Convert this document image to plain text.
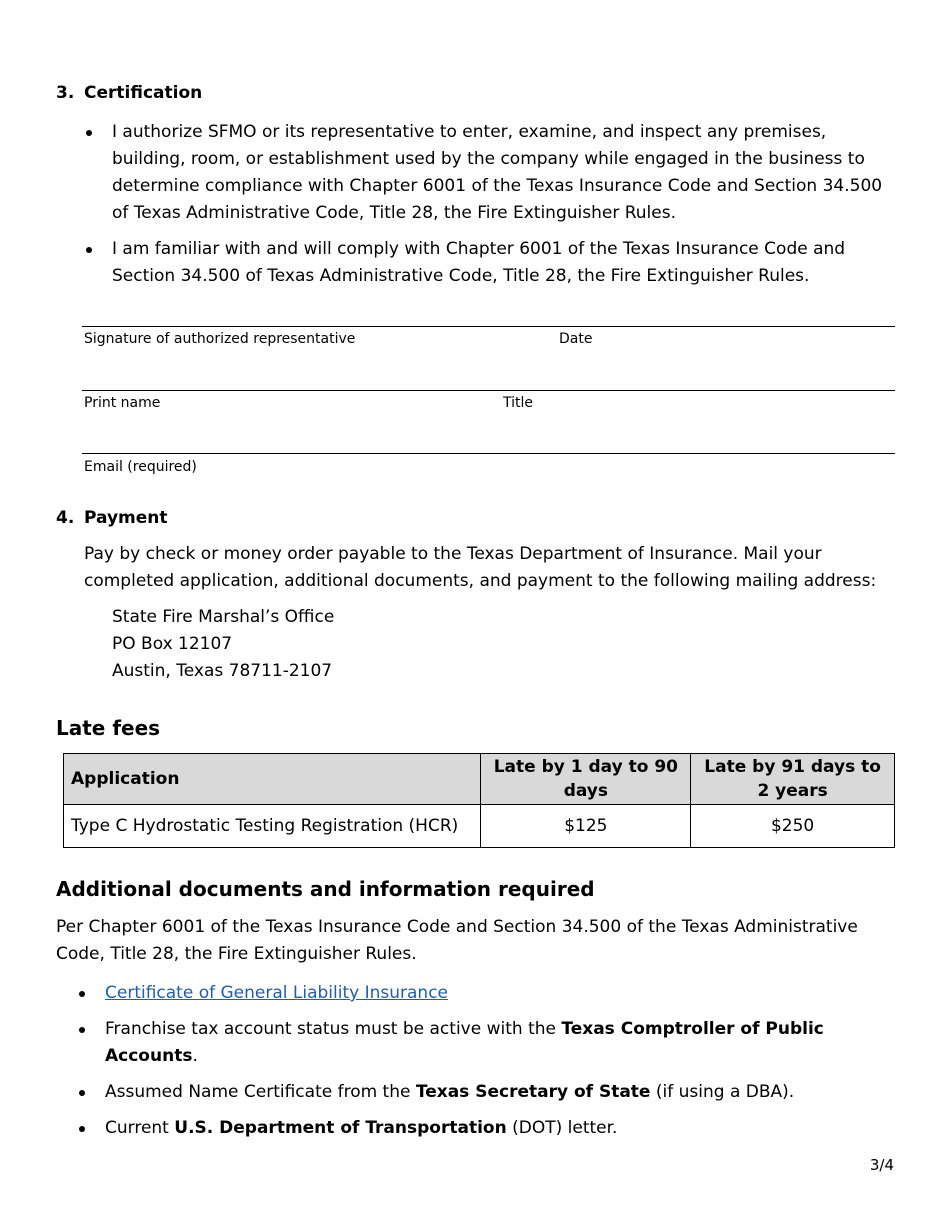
3. Certification
I authorize SFMO or its representative to enter, examine, and inspect any premises, building, room, or establishment used by the company while engaged in the business to determine compliance with Chapter 6001 of the Texas Insurance Code and Section 34.500 of Texas Administrative Code, Title 28, the Fire Extinguisher Rules.
I am familiar with and will comply with Chapter 6001 of the Texas Insurance Code and Section 34.500 of Texas Administrative Code, Title 28, the Fire Extinguisher Rules.
Signature of authorized representative	Date
Print name	Title
Email (required)
4. Payment

Pay by check or money order payable to the Texas Department of Insurance. Mail your completed application, additional documents, and payment to the following mailing address:

State Fire Marshal’s Office
PO Box 12107
Austin, Texas 78711-2107
Late fees
Application	Late by 1 day to 90 days	Late by 91 days to 2 years
Type C Hydrostatic Testing Registration (HCR)	$125	$250
Additional documents and information required

Per Chapter 6001 of the Texas Insurance Code and Section 34.500 of the Texas Administrative Code, Title 28, the Fire Extinguisher Rules.

Certificate of General Liability Insurance
Franchise tax account status must be active with the Texas Comptroller of Public Accounts.
Assumed Name Certificate from the Texas Secretary of State (if using a DBA).
Current U.S. Department of Transportation (DOT) letter.
3/4
